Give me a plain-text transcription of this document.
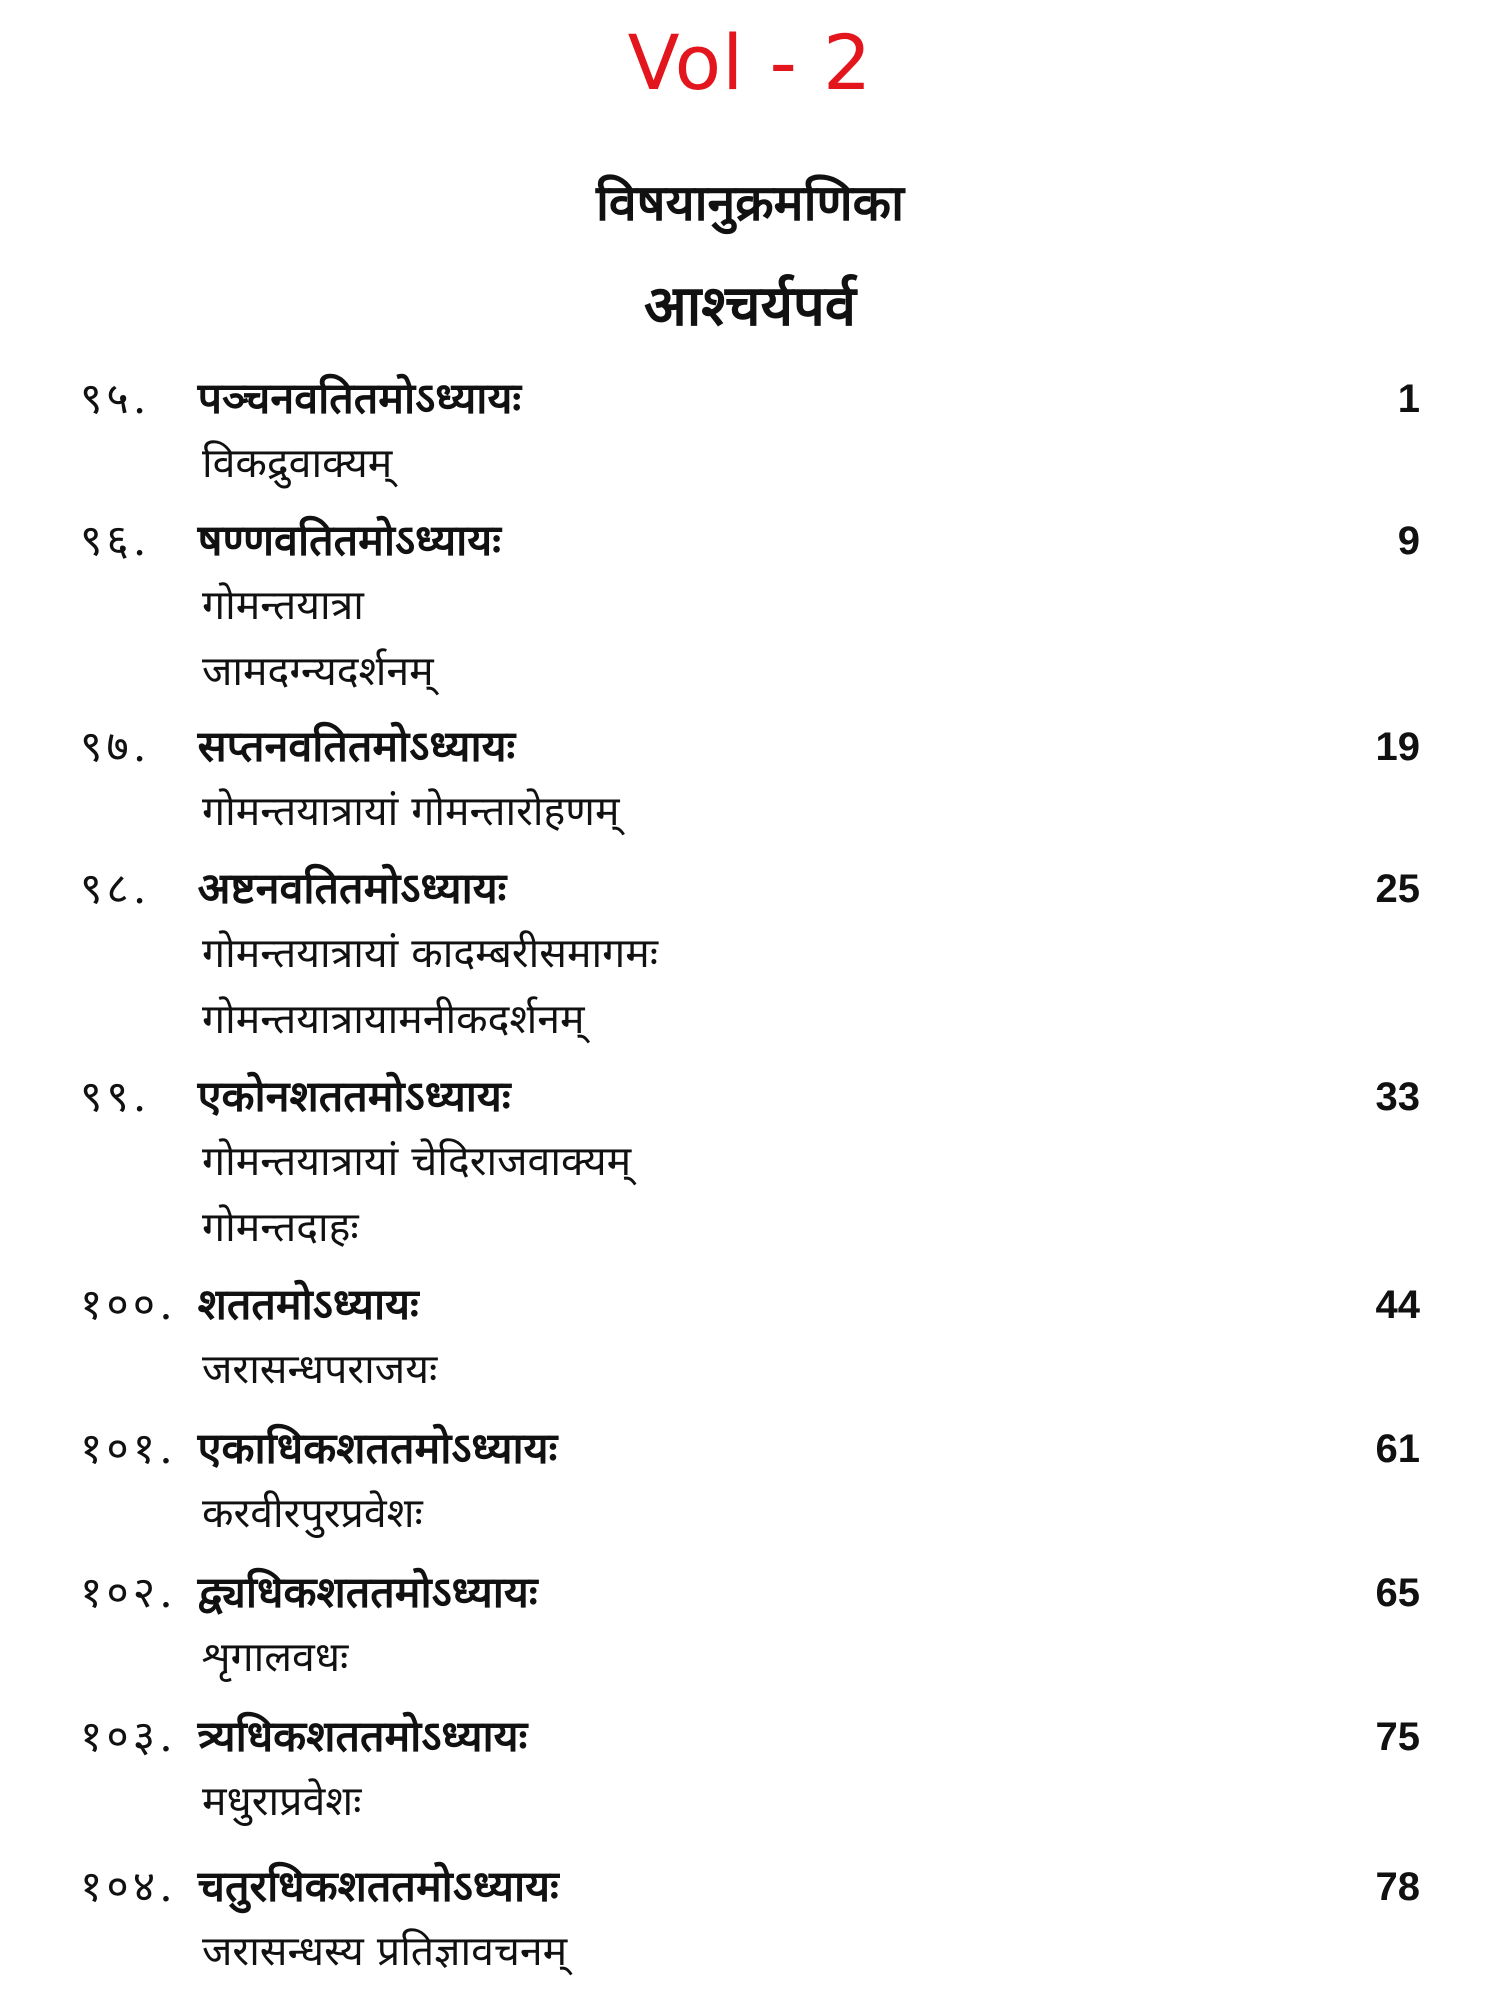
Vol - 2
विषयानुक्रमणिका
आश्चर्यपर्व
९५. पञ्चनवतितमोऽध्यायः	1
विकद्रुवाक्यम्
९६. षण्णवतितमोऽध्यायः	9
गोमन्तयात्रा
जामदग्न्यदर्शनम्
९७. सप्तनवतितमोऽध्यायः	19
गोमन्तयात्रायां गोमन्तारोहणम्
९८. अष्टनवतितमोऽध्यायः	25
गोमन्तयात्रायां कादम्बरीसमागमः
गोमन्तयात्रायामनीकदर्शनम्
९९. एकोनशततमोऽध्यायः	33
गोमन्तयात्रायां चेदिराजवाक्यम्
गोमन्तदाहः
१००. शततमोऽध्यायः	44
जरासन्धपराजयः
१०१. एकाधिकशततमोऽध्यायः	61
करवीरपुरप्रवेशः
१०२. द्व्यधिकशततमोऽध्यायः	65
शृगालवधः
१०३. त्र्यधिकशततमोऽध्यायः	75
मधुराप्रवेशः
१०४. चतुरधिकशततमोऽध्यायः	78
जरासन्धस्य प्रतिज्ञावचनम्
